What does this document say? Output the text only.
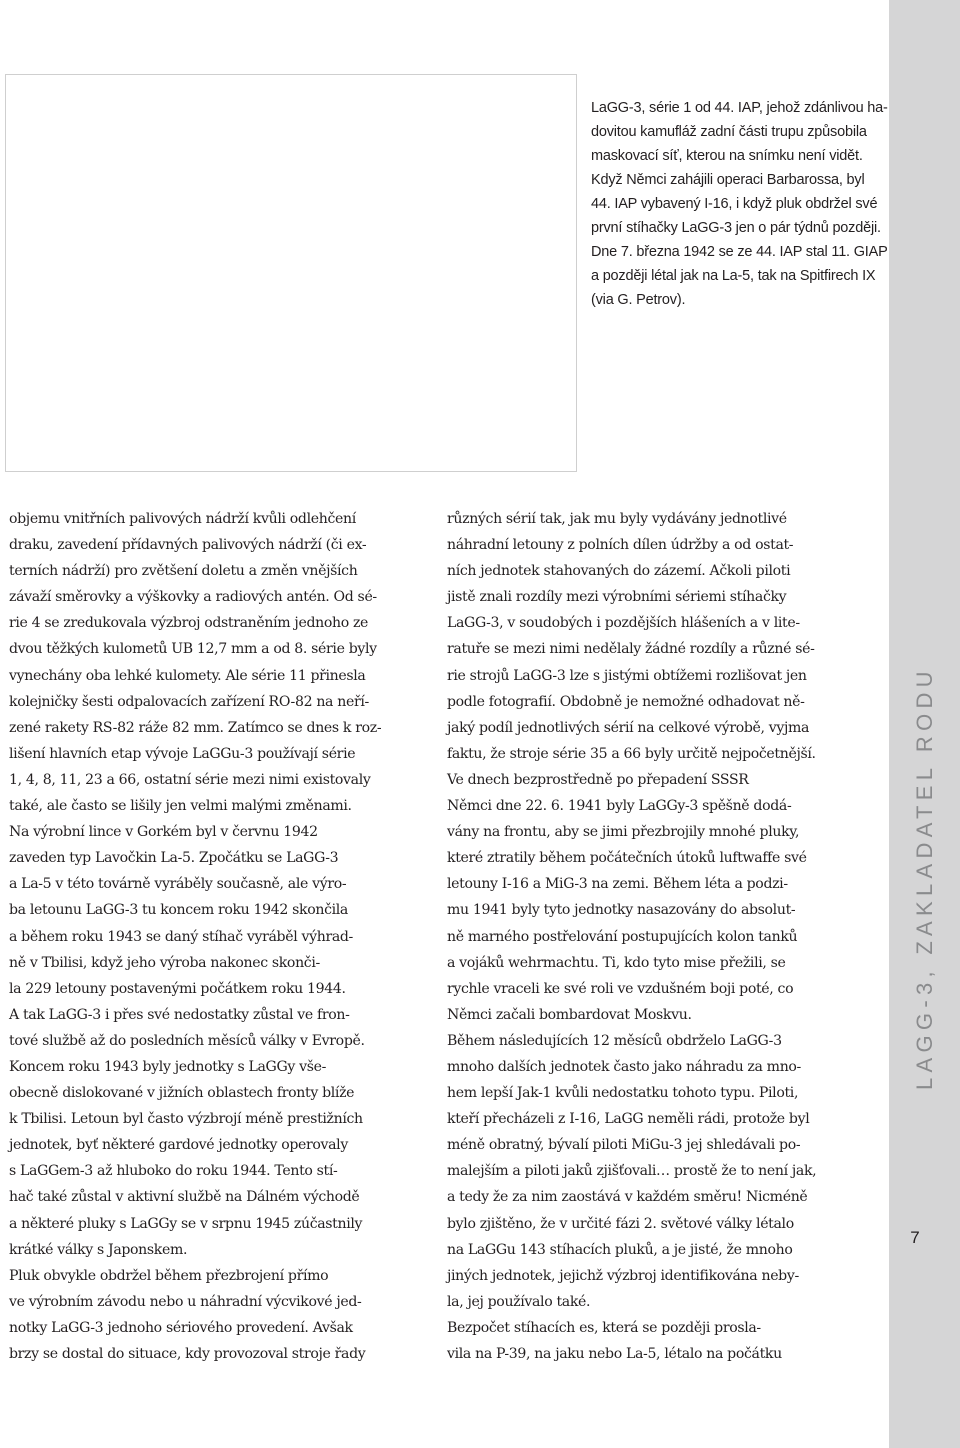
LaGG-3, série 1 od 44. IAP, jehož zdánlivou ha-
dovitou kamufláž zadní části trupu způsobila
maskovací síť, kterou na snímku není vidět.
Když Němci zahájili operaci Barbarossa, byl
44. IAP vybavený I-16, i když pluk obdržel své
první stíhačky LaGG-3 jen o pár týdnů později.
Dne 7. března 1942 se ze 44. IAP stal 11. GIAP
a později létal jak na La-5, tak na Spitfirech IX
(via G. Petrov).
objemu vnitřních palivových nádrží kvůli odlehčení
draku, zavedení přídavných palivových nádrží (či ex-
terních nádrží) pro zvětšení doletu a změn vnějších
závaží směrovky a výškovky a radiových antén. Od sé-
rie 4 se zredukovala výzbroj odstraněním jednoho ze
dvou těžkých kulometů UB 12,7 mm a od 8. série byly
vynechány oba lehké kulomety. Ale série 11 přinesla
kolejničky šesti odpalovacích zařízení RO-82 na neří-
zené rakety RS-82 ráže 82 mm. Zatímco se dnes k roz-
lišení hlavních etap vývoje LaGGu-3 používají série
1, 4, 8, 11, 23 a 66, ostatní série mezi nimi existovaly
také, ale často se lišily jen velmi malými změnami.
Na výrobní lince v Gorkém byl v červnu 1942
zaveden typ Lavočkin La-5. Zpočátku se LaGG-3
a La-5 v této továrně vyráběly současně, ale výro-
ba letounu LaGG-3 tu koncem roku 1942 skončila
a během roku 1943 se daný stíhač vyráběl výhrad-
ně v Tbilisi, když jeho výroba nakonec skonči-
la 229 letouny postavenými počátkem roku 1944.
A tak LaGG-3 i přes své nedostatky zůstal ve fron-
tové službě až do posledních měsíců války v Evropě.
Koncem roku 1943 byly jednotky s LaGGy vše-
obecně dislokované v jižních oblastech fronty blíže
k Tbilisi. Letoun byl často výzbrojí méně prestižních
jednotek, byť některé gardové jednotky operovaly
s LaGGem-3 až hluboko do roku 1944. Tento stí-
hač také zůstal v aktivní službě na Dálném východě
a některé pluky s LaGGy se v srpnu 1945 zúčastnily
krátké války s Japonskem.
Pluk obvykle obdržel během přezbrojení přímo
ve výrobním závodu nebo u náhradní výcvikové jed-
notky LaGG-3 jednoho sériového provedení. Avšak
brzy se dostal do situace, kdy provozoval stroje řady
různých sérií tak, jak mu byly vydávány jednotlivé
náhradní letouny z polních dílen údržby a od ostat-
ních jednotek stahovaných do zázemí. Ačkoli piloti
jistě znali rozdíly mezi výrobními sériemi stíhačky
LaGG-3, v soudobých i pozdějších hlášeních a v lite-
ratuře se mezi nimi nedělaly žádné rozdíly a různé sé-
rie strojů LaGG-3 lze s jistými obtížemi rozlišovat jen
podle fotografií. Obdobně je nemožné odhadovat ně-
jaký podíl jednotlivých sérií na celkové výrobě, vyjma
faktu, že stroje série 35 a 66 byly určitě nejpočetnější.
Ve dnech bezprostředně po přepadení SSSR
Němci dne 22. 6. 1941 byly LaGGy-3 spěšně dodá-
vány na frontu, aby se jimi přezbrojily mnohé pluky,
které ztratily během počátečních útoků luftwaffe své
letouny I-16 a MiG-3 na zemi. Během léta a podzi-
mu 1941 byly tyto jednotky nasazovány do absolut-
ně marného postřelování postupujících kolon tanků
a vojáků wehrmachtu. Ti, kdo tyto mise přežili, se
rychle vraceli ke své roli ve vzdušném boji poté, co
Němci začali bombardovat Moskvu.
Během následujících 12 měsíců obdrželo LaGG-3
mnoho dalších jednotek často jako náhradu za mno-
hem lepší Jak-1 kvůli nedostatku tohoto typu. Piloti,
kteří přecházeli z I-16, LaGG neměli rádi, protože byl
méně obratný, bývalí piloti MiGu-3 jej shledávali po-
malejším a piloti jaků zjišťovali… prostě že to není jak,
a tedy že za nim zaostává v každém směru! Nicméně
bylo zjištěno, že v určité fázi 2. světové války létalo
na LaGGu 143 stíhacích pluků, a je jisté, že mnoho
jiných jednotek, jejichž výzbroj identifikována neby-
la, jej používalo také.
Bezpočet stíhacích es, která se později prosla-
vila na P-39, na jaku nebo La-5, létalo na počátku
LAGG-3, ZAKLADATEL RODU
7
